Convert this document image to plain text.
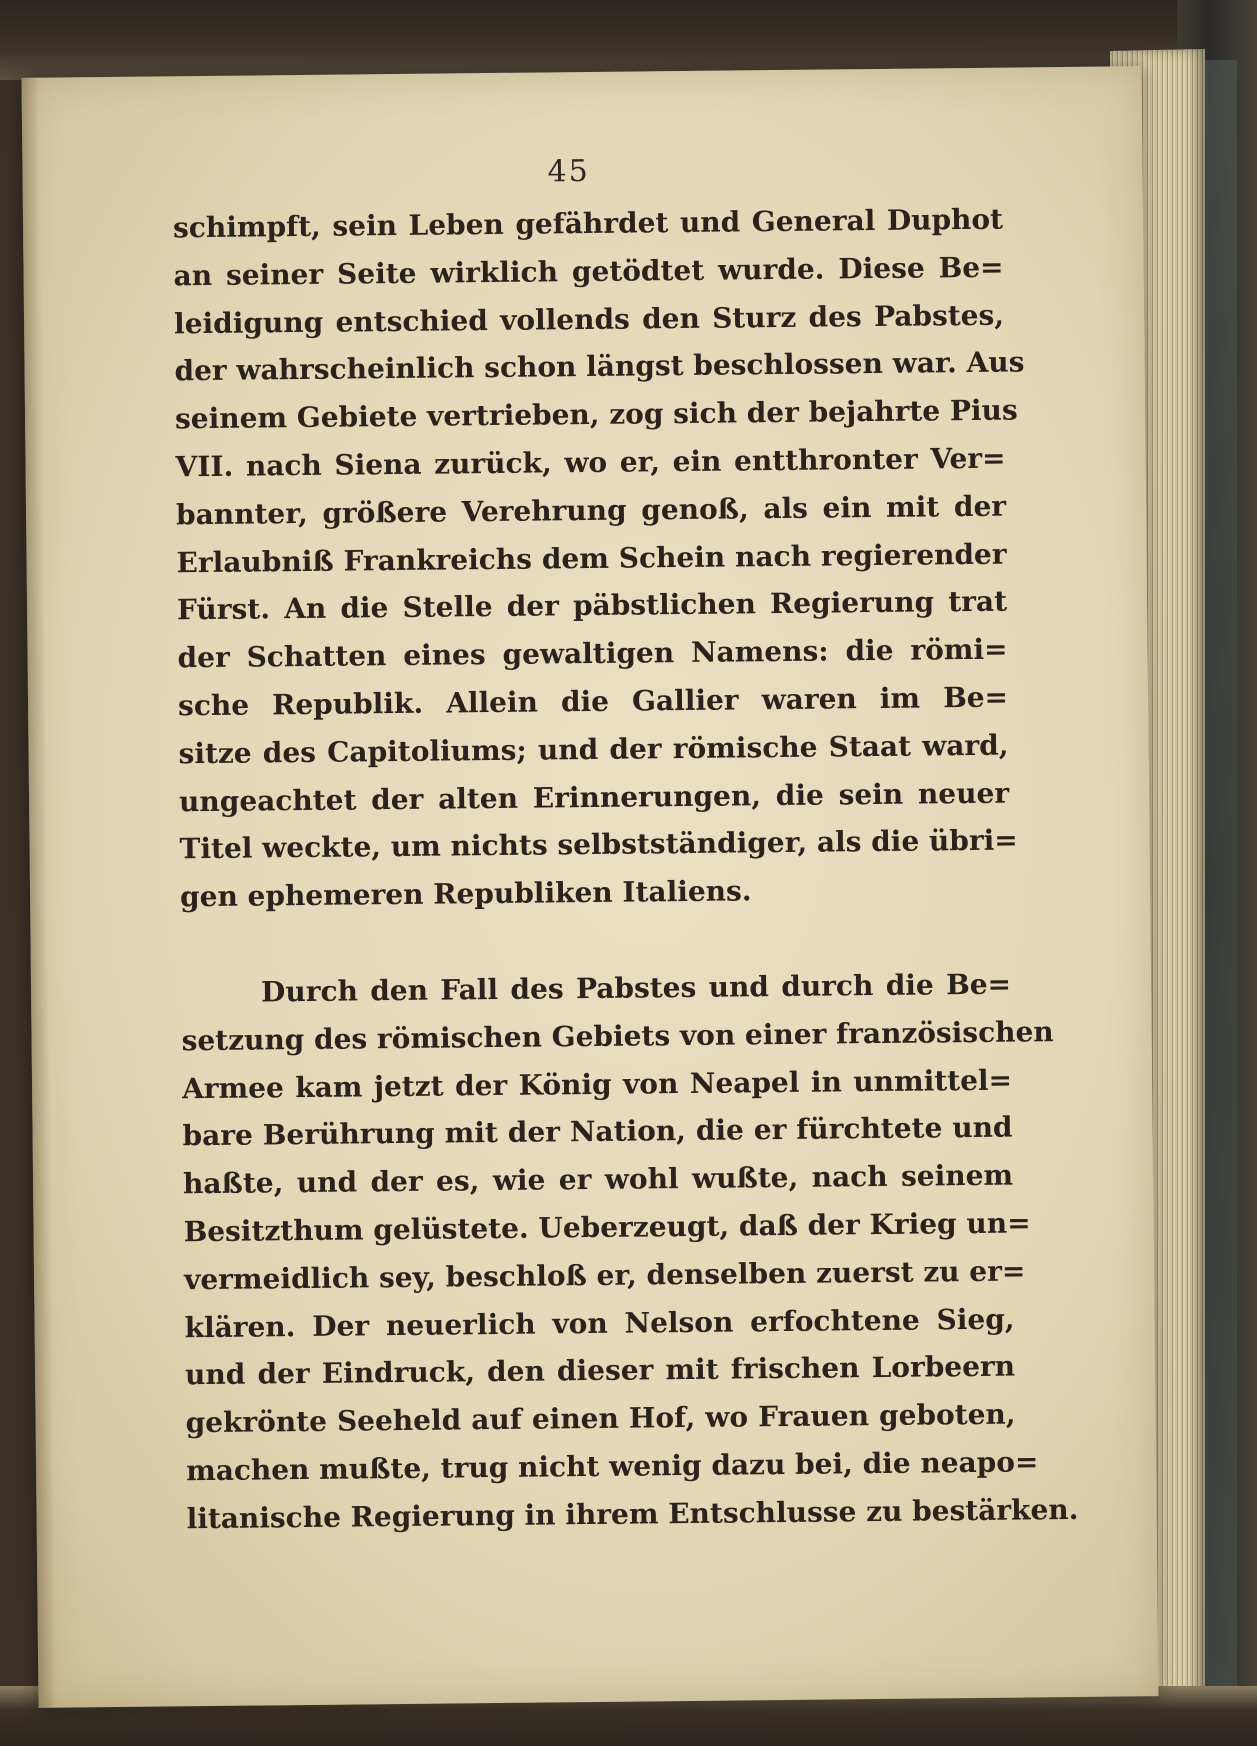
45
schimpft, sein Leben gefährdet und General Duphot
an seiner Seite wirklich getödtet wurde. Diese Be=
leidigung entschied vollends den Sturz des Pabstes,
der wahrscheinlich schon längst beschlossen war. Aus
seinem Gebiete vertrieben, zog sich der bejahrte Pius
VII. nach Siena zurück, wo er, ein entthronter Ver=
bannter, größere Verehrung genoß, als ein mit der
Erlaubniß Frankreichs dem Schein nach regierender
Fürst. An die Stelle der päbstlichen Regierung trat
der Schatten eines gewaltigen Namens: die römi=
sche Republik. Allein die Gallier waren im Be=
sitze des Capitoliums; und der römische Staat ward,
ungeachtet der alten Erinnerungen, die sein neuer
Titel weckte, um nichts selbstständiger, als die übri=
gen ephemeren Republiken Italiens.
Durch den Fall des Pabstes und durch die Be=
setzung des römischen Gebiets von einer französischen
Armee kam jetzt der König von Neapel in unmittel=
bare Berührung mit der Nation, die er fürchtete und
haßte, und der es, wie er wohl wußte, nach seinem
Besitzthum gelüstete. Ueberzeugt, daß der Krieg un=
vermeidlich sey, beschloß er, denselben zuerst zu er=
klären. Der neuerlich von Nelson erfochtene Sieg,
und der Eindruck, den dieser mit frischen Lorbeern
gekrönte Seeheld auf einen Hof, wo Frauen geboten,
machen mußte, trug nicht wenig dazu bei, die neapo=
litanische Regierung in ihrem Entschlusse zu bestärken.
